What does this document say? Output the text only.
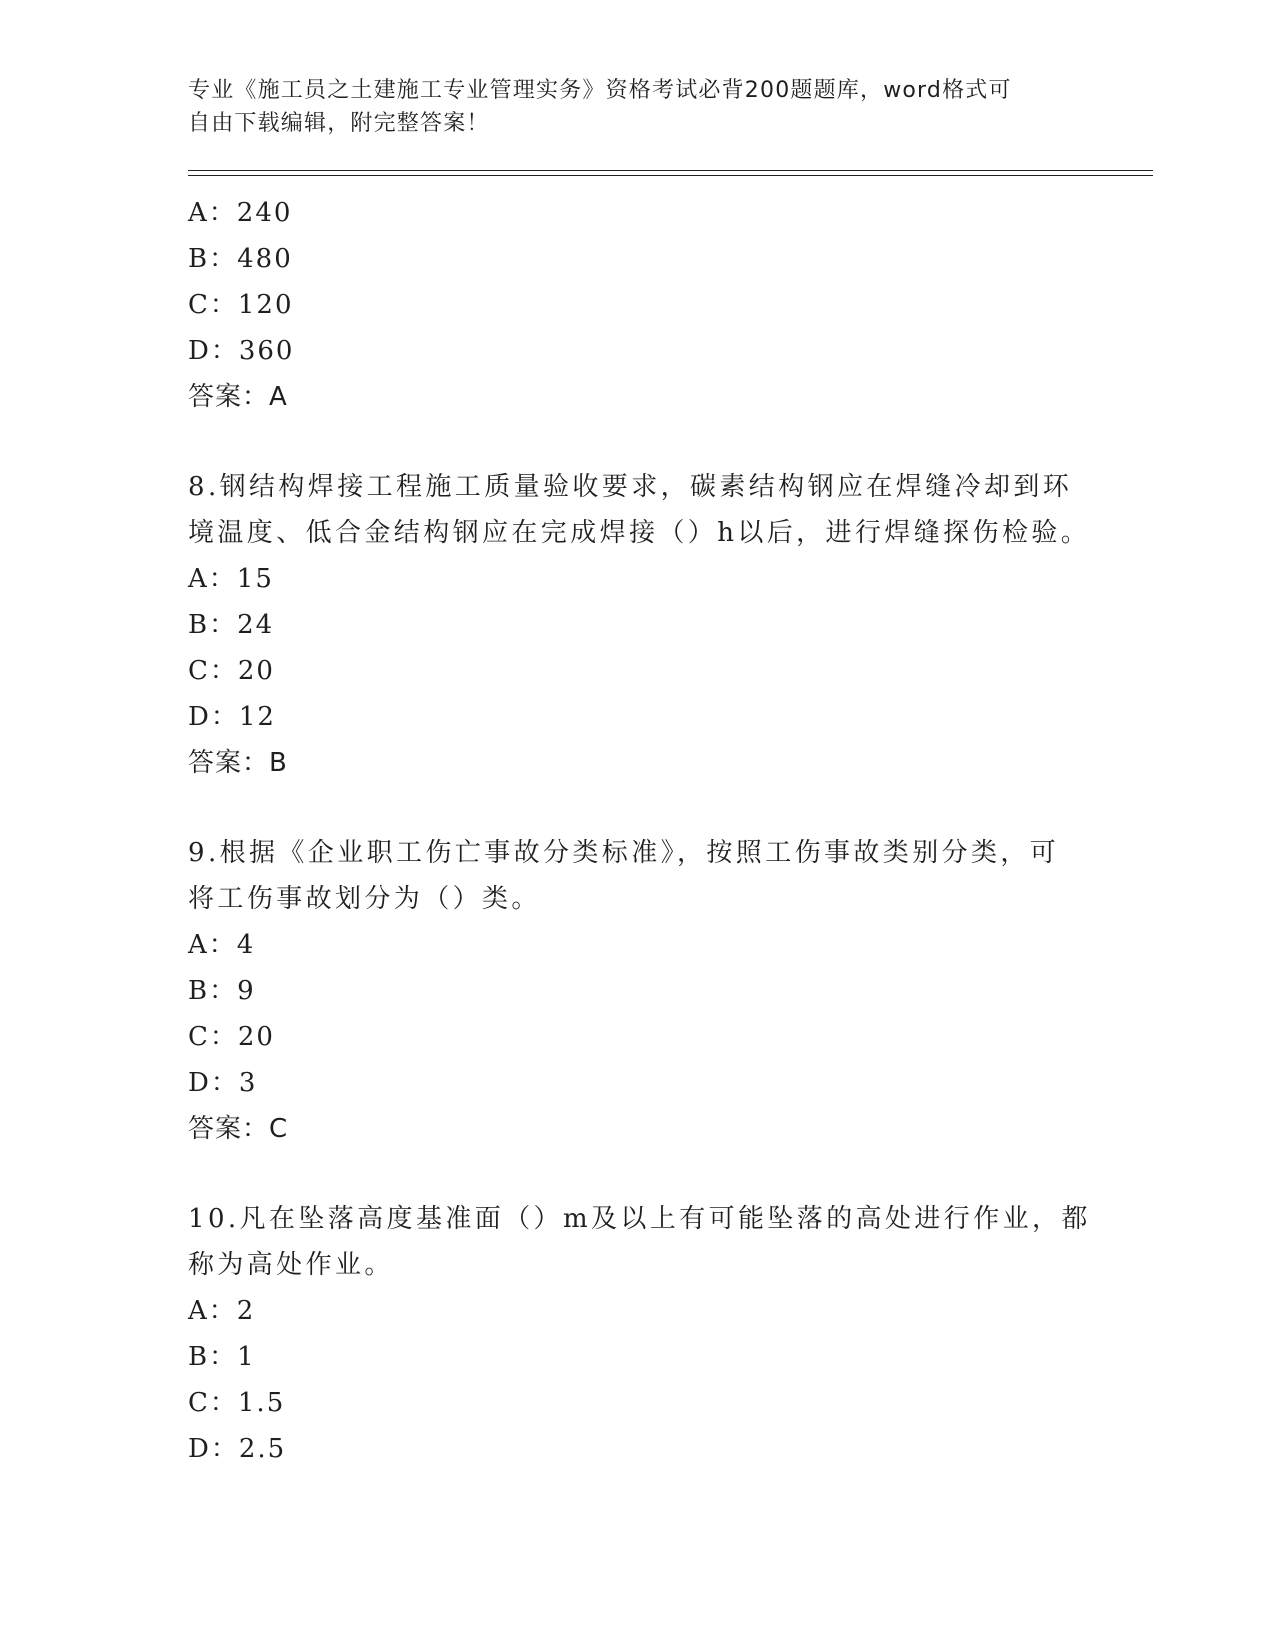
专业《施工员之土建施工专业管理实务》资格考试必背200题题库，word格式可
自由下载编辑，附完整答案！
A：240
B：480
C：120
D：360
答案：A
8.钢结构焊接工程施工质量验收要求，碳素结构钢应在焊缝冷却到环
境温度、低合金结构钢应在完成焊接（）h以后，进行焊缝探伤检验。
A：15
B：24
C：20
D：12
答案：B
9.根据《企业职工伤亡事故分类标准》，按照工伤事故类别分类，可
将工伤事故划分为（）类。
A：4
B：9
C：20
D：3
答案：C
10.凡在坠落高度基准面（）m及以上有可能坠落的高处进行作业，都
称为高处作业。
A：2
B：1
C：1.5
D：2.5
